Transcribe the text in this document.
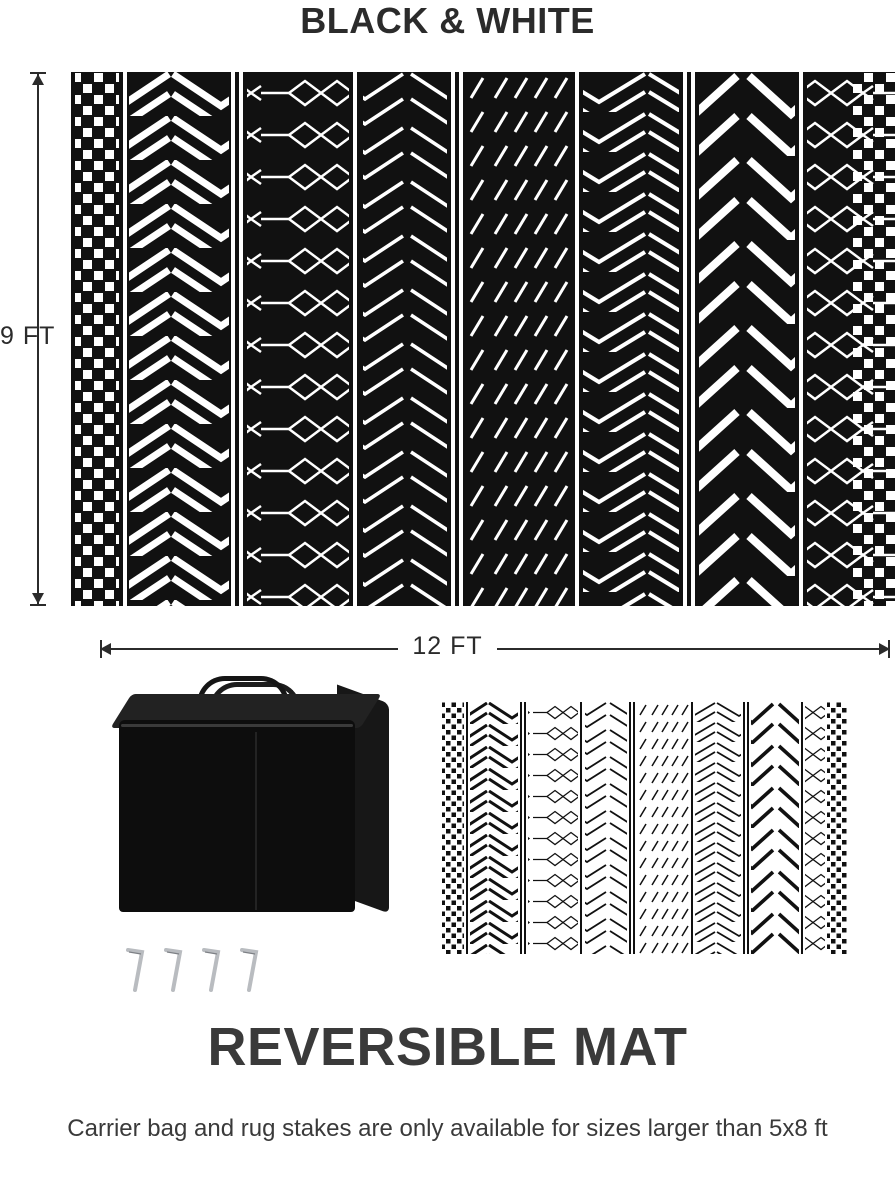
BLACK & WHITE
9 FT
12 FT
REVERSIBLE MAT
Carrier bag and rug stakes are only available for sizes larger than 5x8 ft
